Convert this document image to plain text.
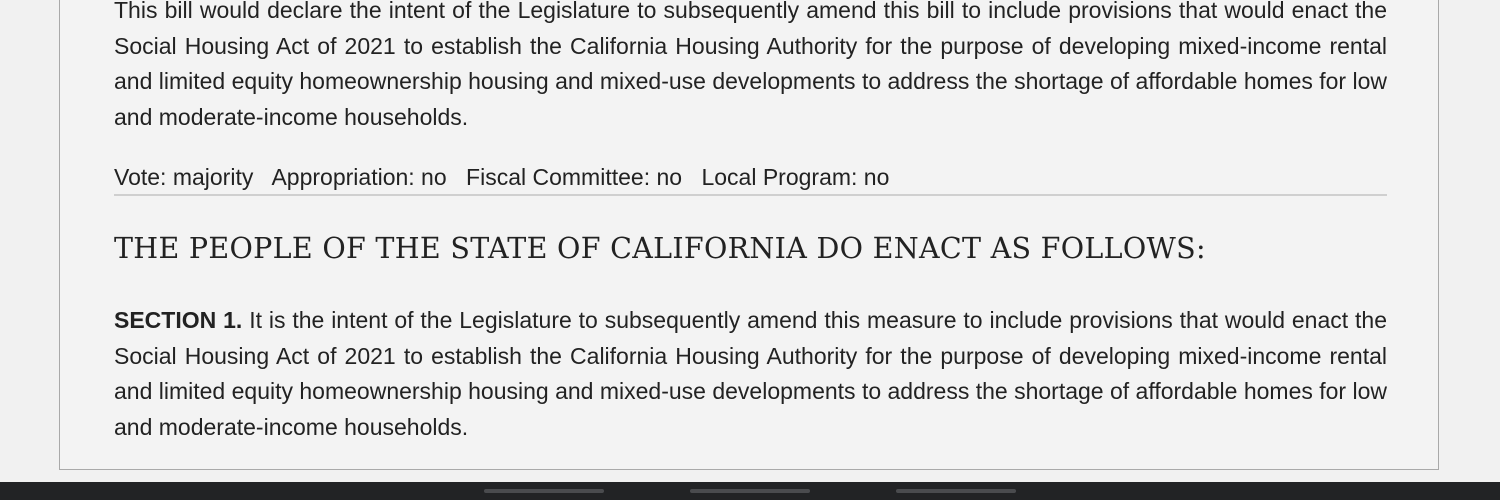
This bill would declare the intent of the Legislature to subsequently amend this bill to include provisions that would enact the Social Housing Act of 2021 to establish the California Housing Authority for the purpose of developing mixed-income rental and limited equity homeownership housing and mixed-use developments to address the shortage of affordable homes for low and moderate-income households.

Vote: majority Appropriation: no Fiscal Committee: no Local Program: no
THE PEOPLE OF THE STATE OF CALIFORNIA DO ENACT AS FOLLOWS:

SECTION 1. It is the intent of the Legislature to subsequently amend this measure to include provisions that would enact the Social Housing Act of 2021 to establish the California Housing Authority for the purpose of developing mixed-income rental and limited equity homeownership housing and mixed-use developments to address the shortage of affordable homes for low and moderate-income households.
